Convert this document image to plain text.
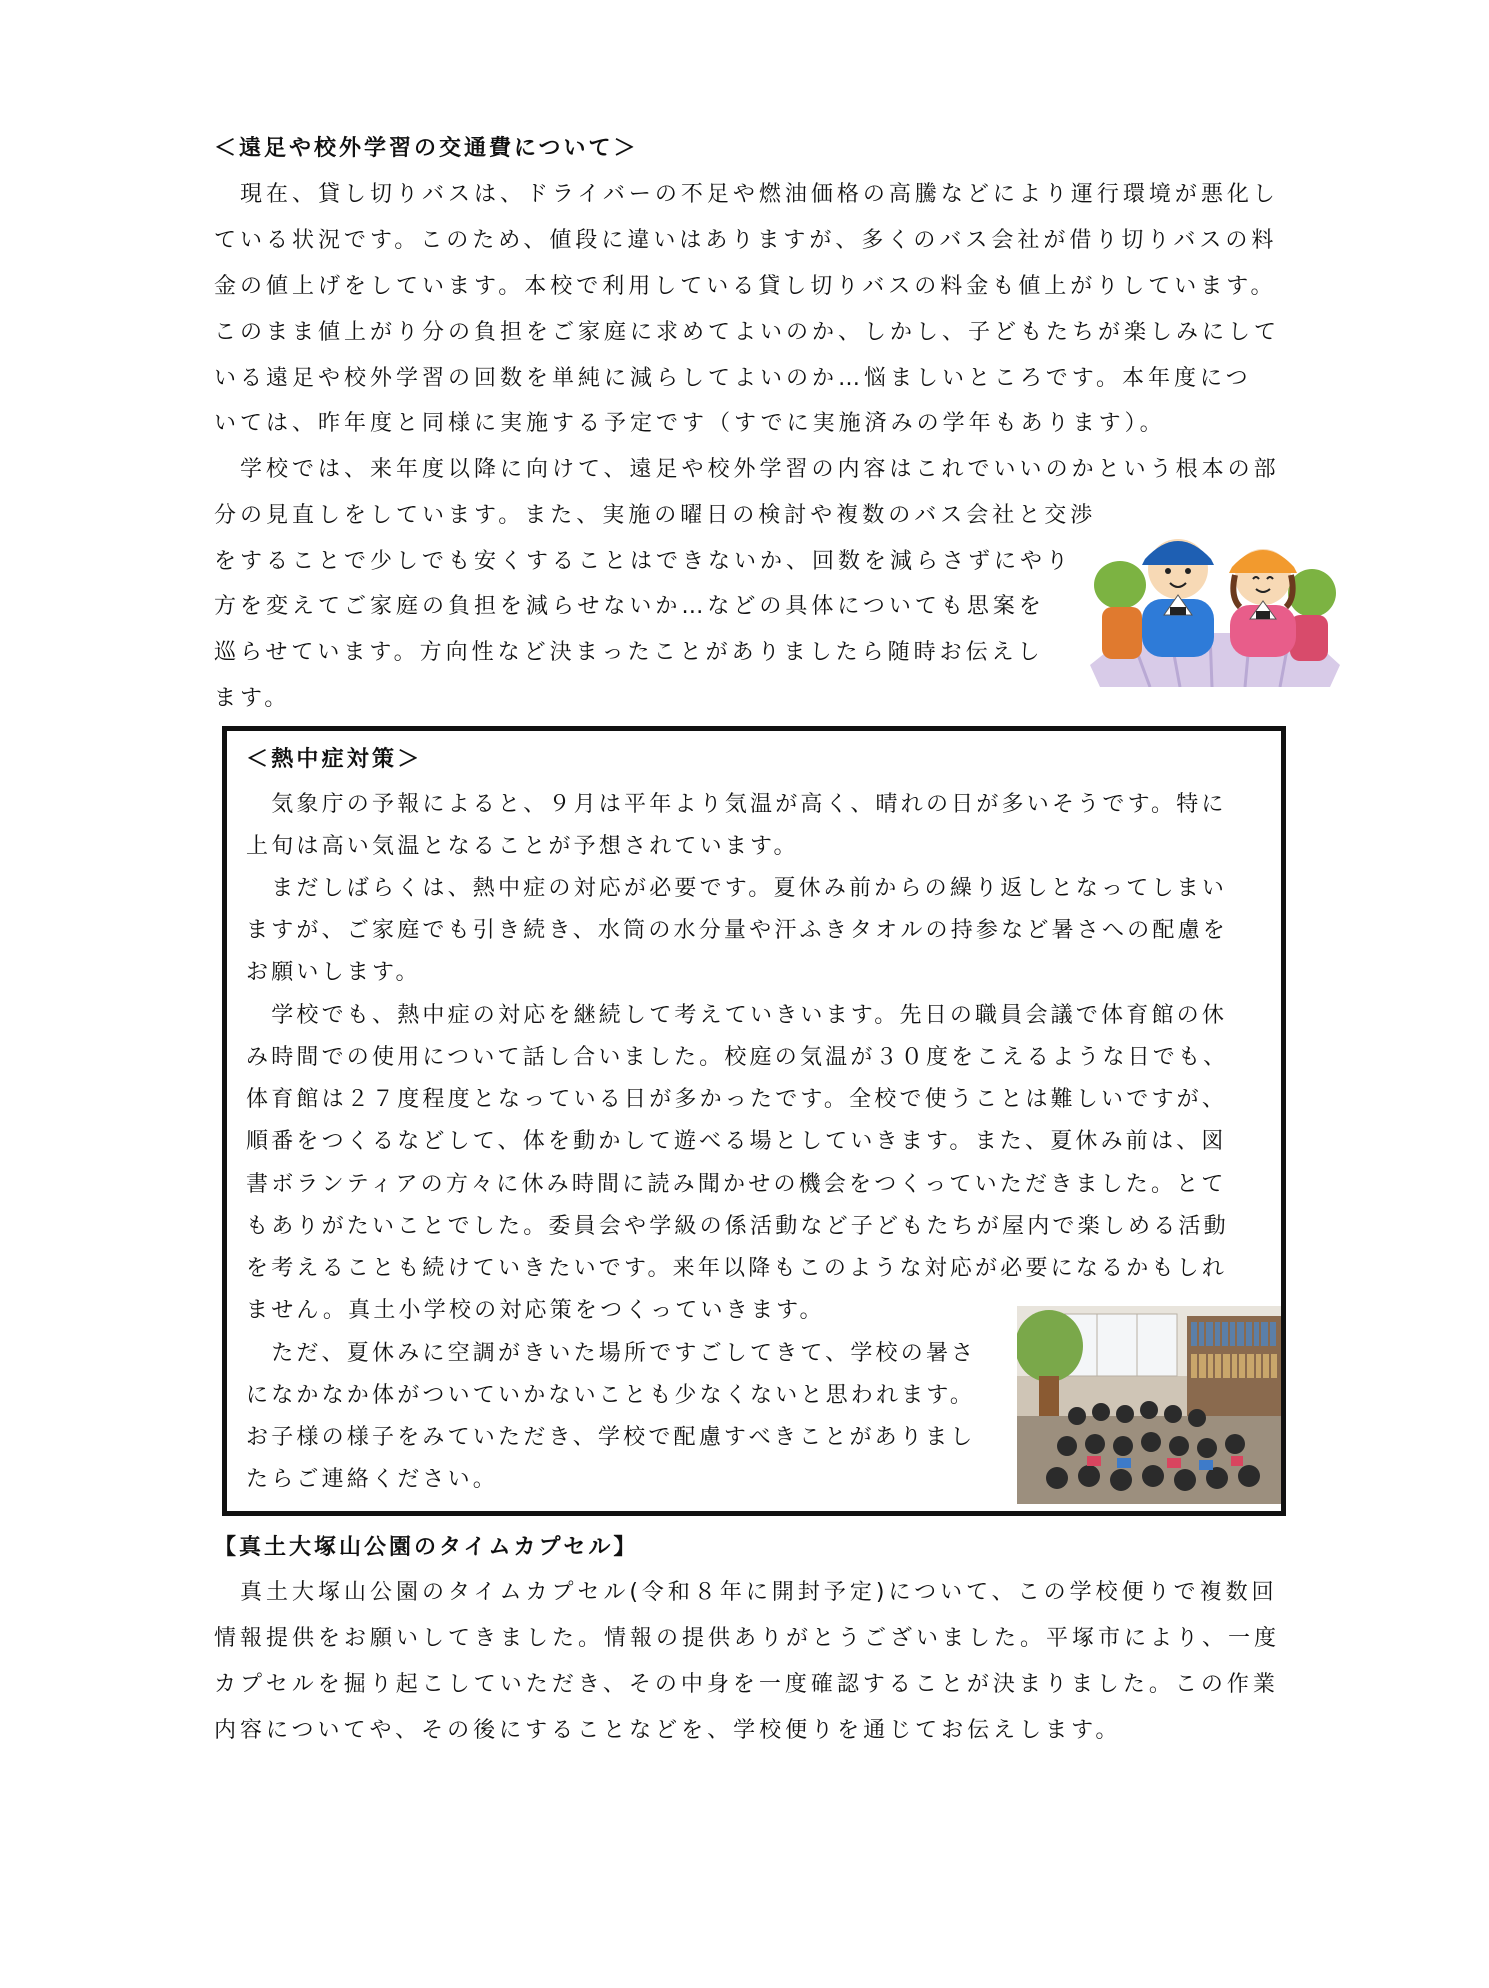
＜遠足や校外学習の交通費について＞
　現在、貸し切りバスは、ドライバーの不足や燃油価格の高騰などにより運行環境が悪化し
ている状況です。このため、値段に違いはありますが、多くのバス会社が借り切りバスの料
金の値上げをしています。本校で利用している貸し切りバスの料金も値上がりしています。
このまま値上がり分の負担をご家庭に求めてよいのか、しかし、子どもたちが楽しみにして
いる遠足や校外学習の回数を単純に減らしてよいのか…悩ましいところです。本年度につ
いては、昨年度と同様に実施する予定です（すでに実施済みの学年もあります）。
　学校では、来年度以降に向けて、遠足や校外学習の内容はこれでいいのかという根本の部
分の見直しをしています。また、実施の曜日の検討や複数のバス会社と交渉
をすることで少しでも安くすることはできないか、回数を減らさずにやり
方を変えてご家庭の負担を減らせないか…などの具体についても思案を
巡らせています。方向性など決まったことがありましたら随時お伝えし
ます。
＜熱中症対策＞
　気象庁の予報によると、９月は平年より気温が高く、晴れの日が多いそうです。特に
上旬は高い気温となることが予想されています。
　まだしばらくは、熱中症の対応が必要です。夏休み前からの繰り返しとなってしまい
ますが、ご家庭でも引き続き、水筒の水分量や汗ふきタオルの持参など暑さへの配慮を
お願いします。
　学校でも、熱中症の対応を継続して考えていきいます。先日の職員会議で体育館の休
み時間での使用について話し合いました。校庭の気温が３０度をこえるような日でも、
体育館は２７度程度となっている日が多かったです。全校で使うことは難しいですが、
順番をつくるなどして、体を動かして遊べる場としていきます。また、夏休み前は、図
書ボランティアの方々に休み時間に読み聞かせの機会をつくっていただきました。とて
もありがたいことでした。委員会や学級の係活動など子どもたちが屋内で楽しめる活動
を考えることも続けていきたいです。来年以降もこのような対応が必要になるかもしれ
ません。真土小学校の対応策をつくっていきます。
　ただ、夏休みに空調がきいた場所ですごしてきて、学校の暑さ
になかなか体がついていかないことも少なくないと思われます。
お子様の様子をみていただき、学校で配慮すべきことがありまし
たらご連絡ください。
【真土大塚山公園のタイムカプセル】
　真土大塚山公園のタイムカプセル(令和８年に開封予定)について、この学校便りで複数回
情報提供をお願いしてきました。情報の提供ありがとうございました。平塚市により、一度
カプセルを掘り起こしていただき、その中身を一度確認することが決まりました。この作業
内容についてや、その後にすることなどを、学校便りを通じてお伝えします。
